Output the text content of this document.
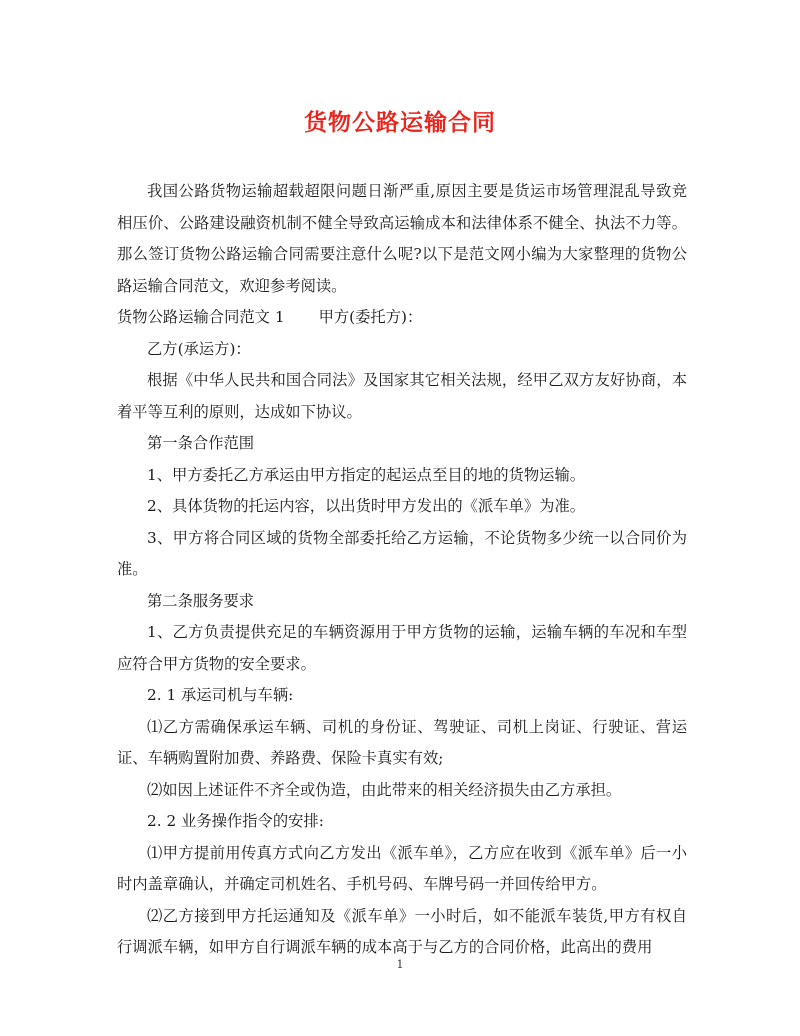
货物公路运输合同

我国公路货物运输超载超限问题日渐严重,原因主要是货运市场管理混乱导致竞相压价、公路建设融资机制不健全导致高运输成本和法律体系不健全、执法不力等。那么签订货物公路运输合同需要注意什么呢?以下是范文网小编为大家整理的货物公路运输合同范文，欢迎参考阅读。

货物公路运输合同范文 1 甲方(委托方)：

乙方(承运方)：

根据《中华人民共和国合同法》及国家其它相关法规，经甲乙双方友好协商，本着平等互利的原则，达成如下协议。

第一条合作范围

1、甲方委托乙方承运由甲方指定的起运点至目的地的货物运输。

2、具体货物的托运内容，以出货时甲方发出的《派车单》为准。

3、甲方将合同区域的货物全部委托给乙方运输，不论货物多少统一以合同价为准。

第二条服务要求

1、乙方负责提供充足的车辆资源用于甲方货物的运输，运输车辆的车况和车型应符合甲方货物的安全要求。

2. 1 承运司机与车辆:

⑴乙方需确保承运车辆、司机的身份证、驾驶证、司机上岗证、行驶证、营运证、车辆购置附加费、养路费、保险卡真实有效;

⑵如因上述证件不齐全或伪造，由此带来的相关经济损失由乙方承担。

2. 2 业务操作指令的安排:

⑴甲方提前用传真方式向乙方发出《派车单》，乙方应在收到《派车单》后一小时内盖章确认，并确定司机姓名、手机号码、车牌号码一并回传给甲方。

⑵乙方接到甲方托运通知及《派车单》一小时后，如不能派车装货,甲方有权自行调派车辆，如甲方自行调派车辆的成本高于与乙方的合同价格，此高出的费用

1
